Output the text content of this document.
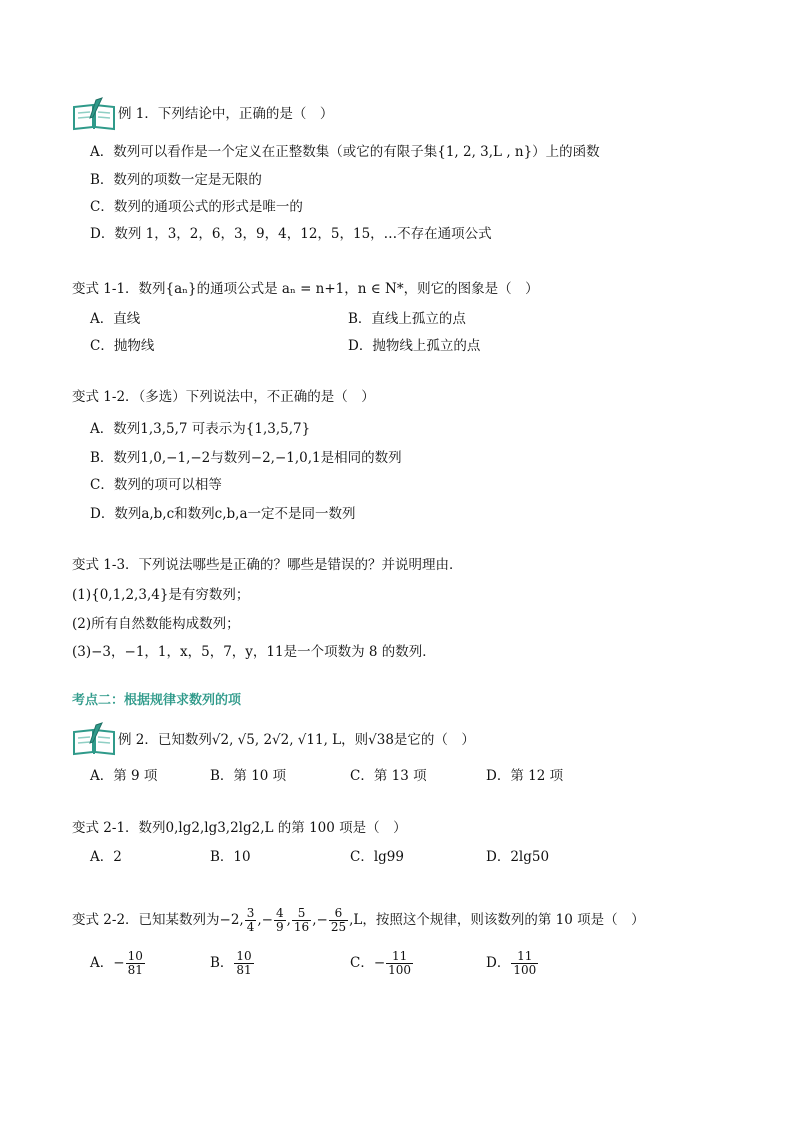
例 1．下列结论中，正确的是（　）
A．数列可以看作是一个定义在正整数集（或它的有限子集{1, 2, 3,L , n}）上的函数
B．数列的项数一定是无限的
C．数列的通项公式的形式是唯一的
D．数列 1，3，2，6，3，9，4，12，5，15，…不存在通项公式
变式 1-1．数列{aₙ}的通项公式是 aₙ = n+1，n ∈ N*，则它的图象是（　）
A．直线	B．直线上孤立的点
C．抛物线	D．抛物线上孤立的点
变式 1-2．（多选）下列说法中，不正确的是（　）
A．数列1,3,5,7 可表示为{1,3,5,7}
B．数列1,0,−1,−2与数列−2,−1,0,1是相同的数列
C．数列的项可以相等
D．数列a,b,c和数列c,b,a一定不是同一数列
变式 1-3．下列说法哪些是正确的？哪些是错误的？并说明理由．
(1){0,1,2,3,4}是有穷数列；
(2)所有自然数能构成数列；
(3)−3，−1，1，x，5，7，y，11是一个项数为 8 的数列．
考点二：根据规律求数列的项
例 2．已知数列√2, √5, 2√2, √11, L，则√38是它的（　）
A．第 9 项	B．第 10 项	C．第 13 项	D．第 12 项
变式 2-1．数列0,lg2,lg3,2lg2,L 的第 100 项是（　）
A．2	B．10	C．lg99	D．2lg50
变式 2-2．已知某数列为−2, $\frac{3}{4}$ ,− $\frac{4}{9}$ , $\frac{5}{16}$ ,− $\frac{6}{25} ,L$，按照这个规律，则该数列的第 10 项是（　）
A．− $\frac{10}{81}$	B． $\frac{10}{81}$	C．− $\frac{11}{100}$	D． $\frac{11}{100}$
